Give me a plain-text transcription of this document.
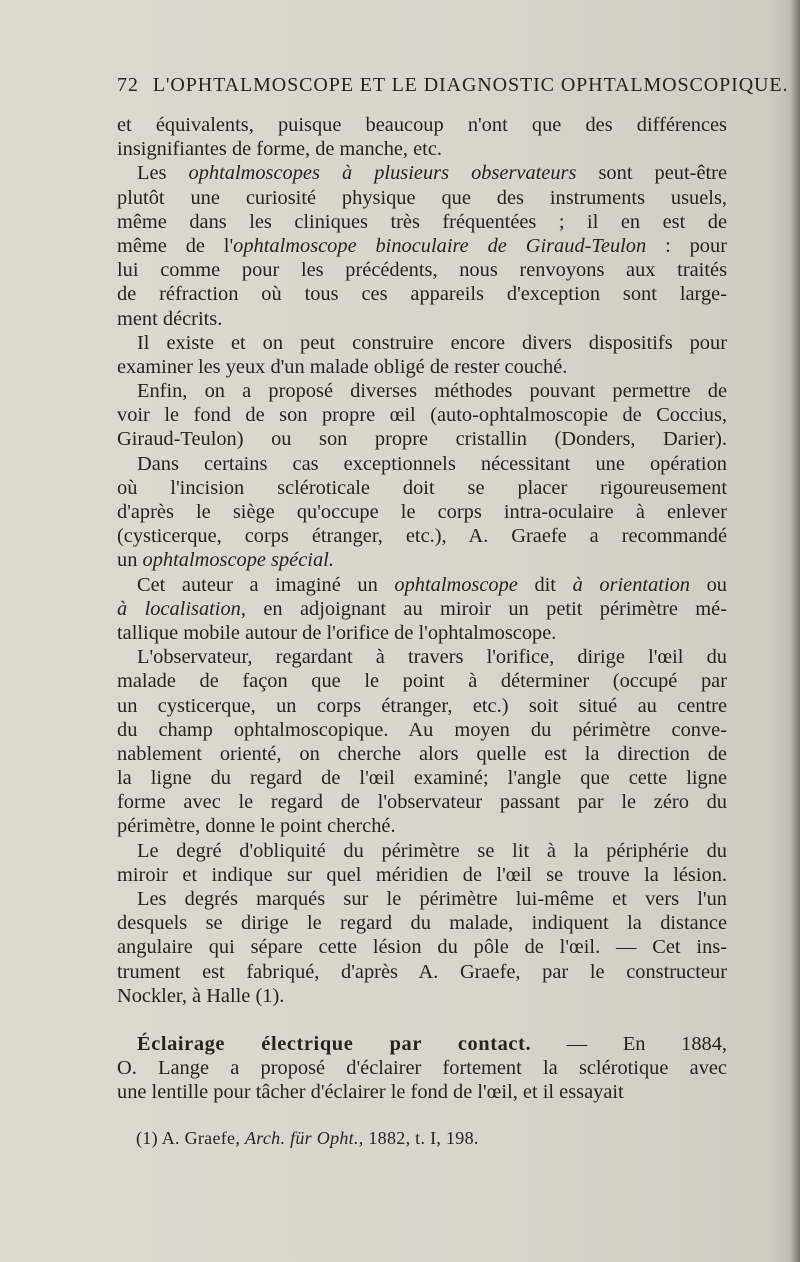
72 L'OPHTALMOSCOPE ET LE DIAGNOSTIC OPHTALMOSCOPIQUE.
et équivalents, puisque beaucoup n'ont que des différences
insignifiantes de forme, de manche, etc.
Les ophtalmoscopes à plusieurs observateurs sont peut-être
plutôt une curiosité physique que des instruments usuels,
même dans les cliniques très fréquentées ; il en est de
même de l'ophtalmoscope binoculaire de Giraud-Teulon : pour
lui comme pour les précédents, nous renvoyons aux traités
de réfraction où tous ces appareils d'exception sont large-
ment décrits.
Il existe et on peut construire encore divers dispositifs pour
examiner les yeux d'un malade obligé de rester couché.
Enfin, on a proposé diverses méthodes pouvant permettre de
voir le fond de son propre œil (auto-ophtalmoscopie de Coccius,
Giraud-Teulon) ou son propre cristallin (Donders, Darier).
Dans certains cas exceptionnels nécessitant une opération
où l'incision scléroticale doit se placer rigoureusement
d'après le siège qu'occupe le corps intra-oculaire à enlever
(cysticerque, corps étranger, etc.), A. Graefe a recommandé
un ophtalmoscope spécial.
Cet auteur a imaginé un ophtalmoscope dit à orientation ou
à localisation, en adjoignant au miroir un petit périmètre mé-
tallique mobile autour de l'orifice de l'ophtalmoscope.
L'observateur, regardant à travers l'orifice, dirige l'œil du
malade de façon que le point à déterminer (occupé par
un cysticerque, un corps étranger, etc.) soit situé au centre
du champ ophtalmoscopique. Au moyen du périmètre conve-
nablement orienté, on cherche alors quelle est la direction de
la ligne du regard de l'œil examiné; l'angle que cette ligne
forme avec le regard de l'observateur passant par le zéro du
périmètre, donne le point cherché.
Le degré d'obliquité du périmètre se lit à la périphérie du
miroir et indique sur quel méridien de l'œil se trouve la lésion.
Les degrés marqués sur le périmètre lui-même et vers l'un
desquels se dirige le regard du malade, indiquent la distance
angulaire qui sépare cette lésion du pôle de l'œil. — Cet ins-
trument est fabriqué, d'après A. Graefe, par le constructeur
Nockler, à Halle (1).
Éclairage électrique par contact. — En 1884,
O. Lange a proposé d'éclairer fortement la sclérotique avec
une lentille pour tâcher d'éclairer le fond de l'œil, et il essayait
(1) A. Graefe, Arch. für Opht., 1882, t. I, 198.
